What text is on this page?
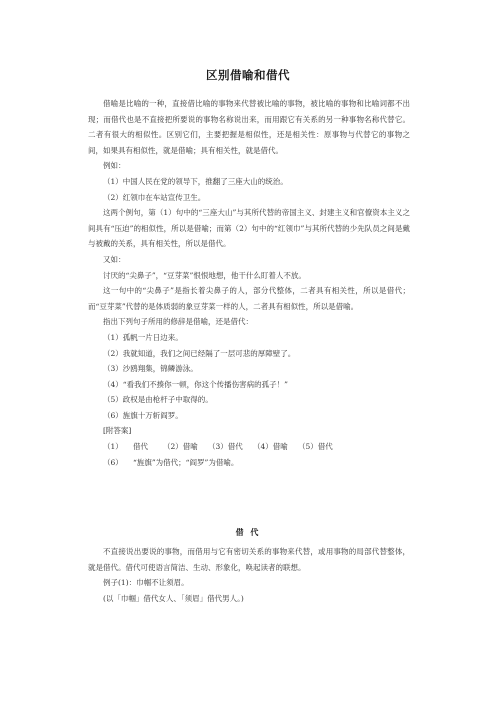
区别借喻和借代

借喻是比喻的一种，直接借比喻的事物来代替被比喻的事物，被比喻的事物和比喻词都不出现；而借代也是不直接把所要说的事物名称说出来，而用跟它有关系的另一种事物名称代替它。二者有很大的相似性。区别它们，主要把握是相似性，还是相关性：原事物与代替它的事物之间，如果具有相似性，就是借喻；具有相关性，就是借代。

例如：

（1）中国人民在党的领导下，推翻了三座大山的统治。

（2）红领巾在车站宣传卫生。

这两个例句，第（1）句中的“三座大山”与其所代替的帝国主义、封建主义和官僚资本主义之间具有“压迫”的相似性，所以是借喻；而第（2）句中的“红领巾”与其所代替的少先队员之间是戴与被戴的关系，具有相关性，所以是借代。

又如：

讨厌的“尖鼻子”，“豆芽菜”恨恨地想，他干什么盯着人不放。

这一句中的“尖鼻子”是指长着尖鼻子的人，部分代整体，二者具有相关性，所以是借代；而“豆芽菜”代替的是体质弱的象豆芽菜一样的人，二者具有相似性，所以是借喻。

指出下列句子所用的修辞是借喻，还是借代：

（1）孤帆一片日边来。

（2）我就知道，我们之间已经隔了一层可悲的厚障壁了。

（3）沙鸥翔集，锦鳞游泳。

（4）“看我们不揍你一顿，你这个传播伤害病的孤子！”

（5）政权是由枪杆子中取得的。

（6）旌旗十万斩阎罗。

[附答案]

（1）	借代	（2）借喻	（3）借代	（4）借喻	（5）借代

（6）	“旌旗”为借代；“阎罗”为借喻。

借 代

不直接说出要说的事物，而借用与它有密切关系的事物来代替，或用事物的局部代替整体，就是借代。借代可使语言简洁、生动、形象化，唤起读者的联想。

例子(1)：巾帼不让须眉。

(以「巾帼」借代女人、「须眉」借代男人。)
